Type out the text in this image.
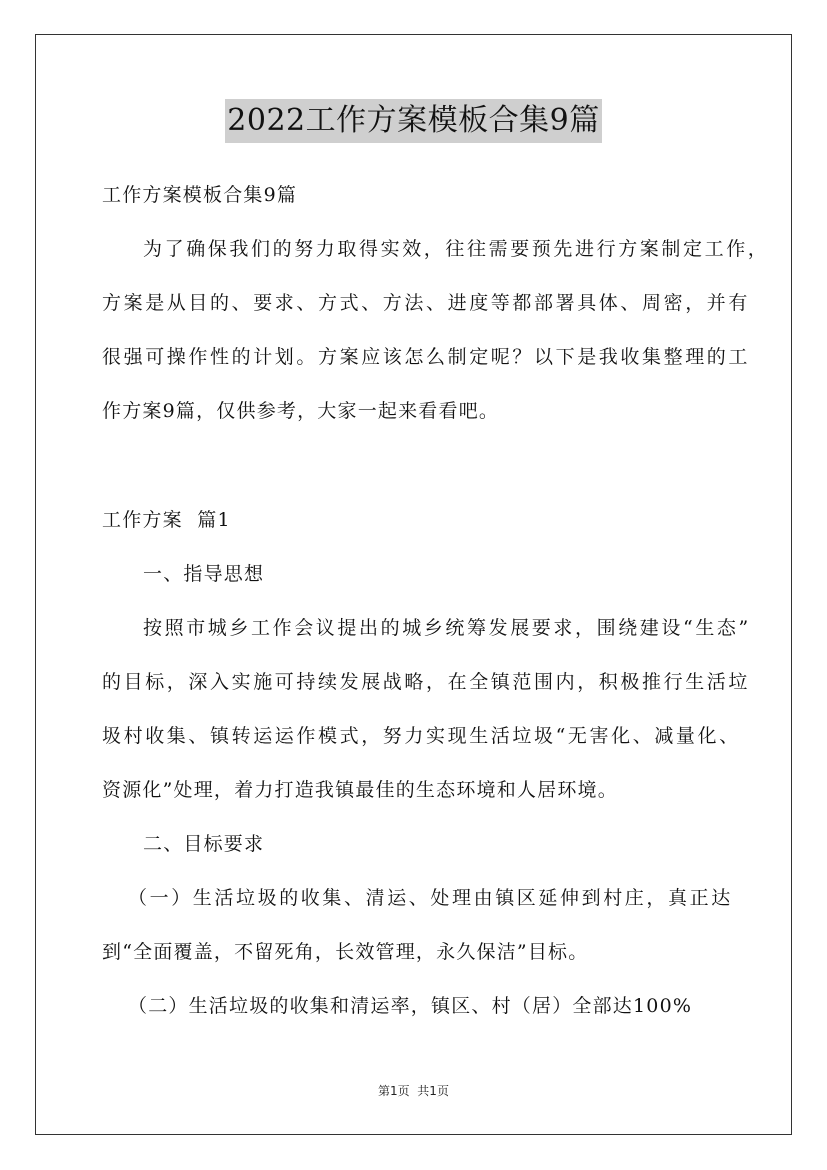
2022工作方案模板合集9篇
工作方案模板合集9篇
为了确保我们的努力取得实效，往往需要预先进行方案制定工作，
方案是从目的、要求、方式、方法、进度等都部署具体、周密，并有
很强可操作性的计划。方案应该怎么制定呢？以下是我收集整理的工
作方案9篇，仅供参考，大家一起来看看吧。
工作方案  篇1
一、指导思想
按照市城乡工作会议提出的城乡统筹发展要求，围绕建设“生态”
的目标，深入实施可持续发展战略，在全镇范围内，积极推行生活垃
圾村收集、镇转运运作模式，努力实现生活垃圾“无害化、减量化、
资源化”处理，着力打造我镇最佳的生态环境和人居环境。
二、目标要求
（一）生活垃圾的收集、清运、处理由镇区延伸到村庄，真正达
到“全面覆盖，不留死角，长效管理，永久保洁”目标。
（二）生活垃圾的收集和清运率，镇区、村（居）全部达100%
第1页  共1页
